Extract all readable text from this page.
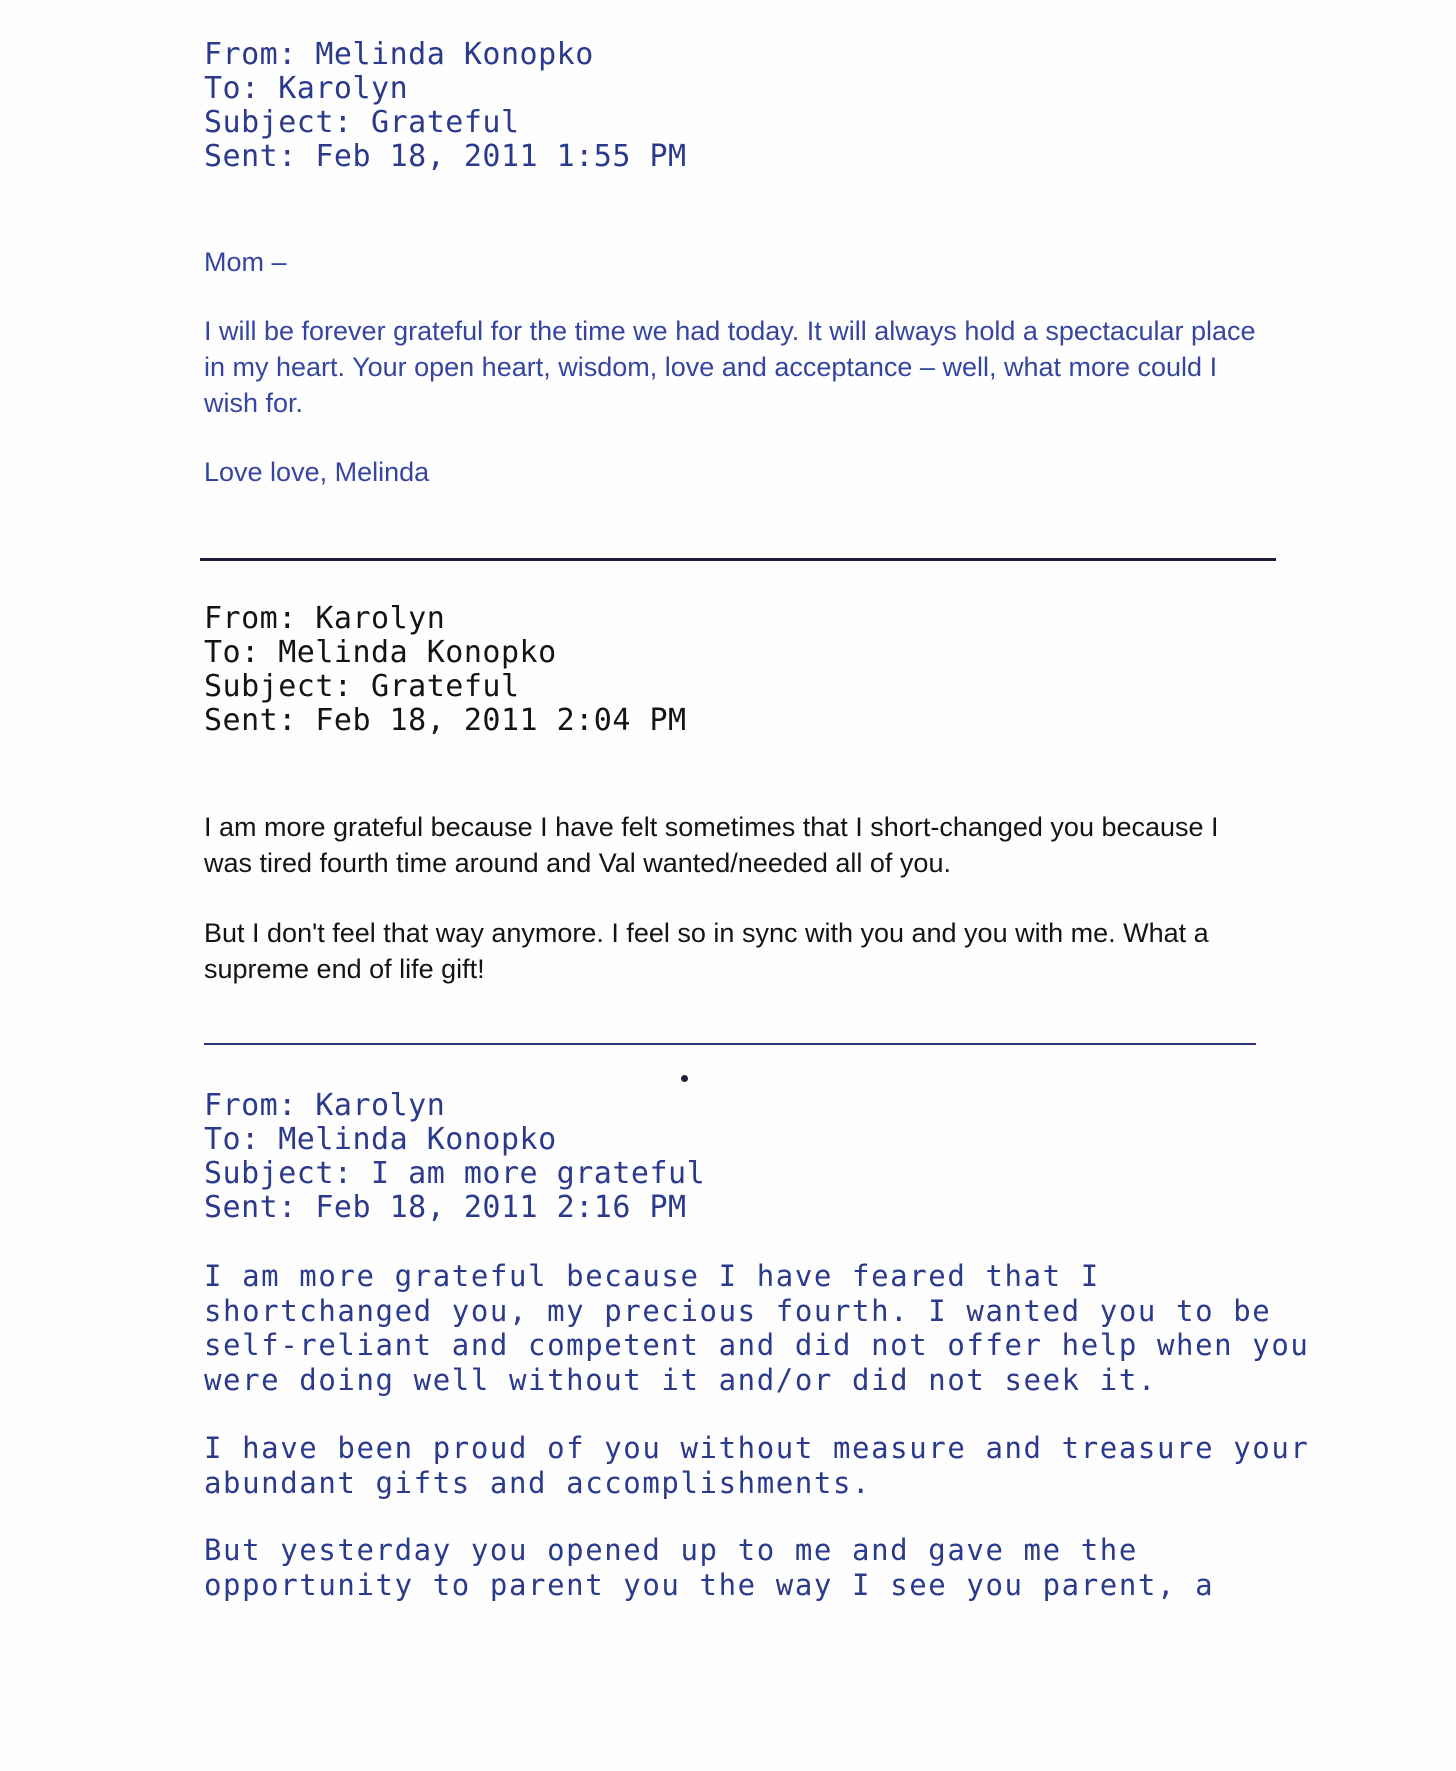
From: Melinda Konopko
To: Karolyn
Subject: Grateful
Sent: Feb 18, 2011 1:55 PM

Mom –

I will be forever grateful for the time we had today. It will always hold a spectacular place in my heart. Your open heart, wisdom, love and acceptance – well, what more could I wish for.

Love love, Melinda

From: Karolyn
To: Melinda Konopko
Subject: Grateful
Sent: Feb 18, 2011 2:04 PM

I am more grateful because I have felt sometimes that I short-changed you because I was tired fourth time around and Val wanted/needed all of you.

But I don't feel that way anymore. I feel so in sync with you and you with me. What a supreme end of life gift!

From: Karolyn
To: Melinda Konopko
Subject: I am more grateful
Sent: Feb 18, 2011 2:16 PM

I am more grateful because I have feared that I
shortchanged you, my precious fourth. I wanted you to be
self-reliant and competent and did not offer help when you
were doing well without it and/or did not seek it.

I have been proud of you without measure and treasure your
abundant gifts and accomplishments.

But yesterday you opened up to me and gave me the
opportunity to parent you the way I see you parent, a
